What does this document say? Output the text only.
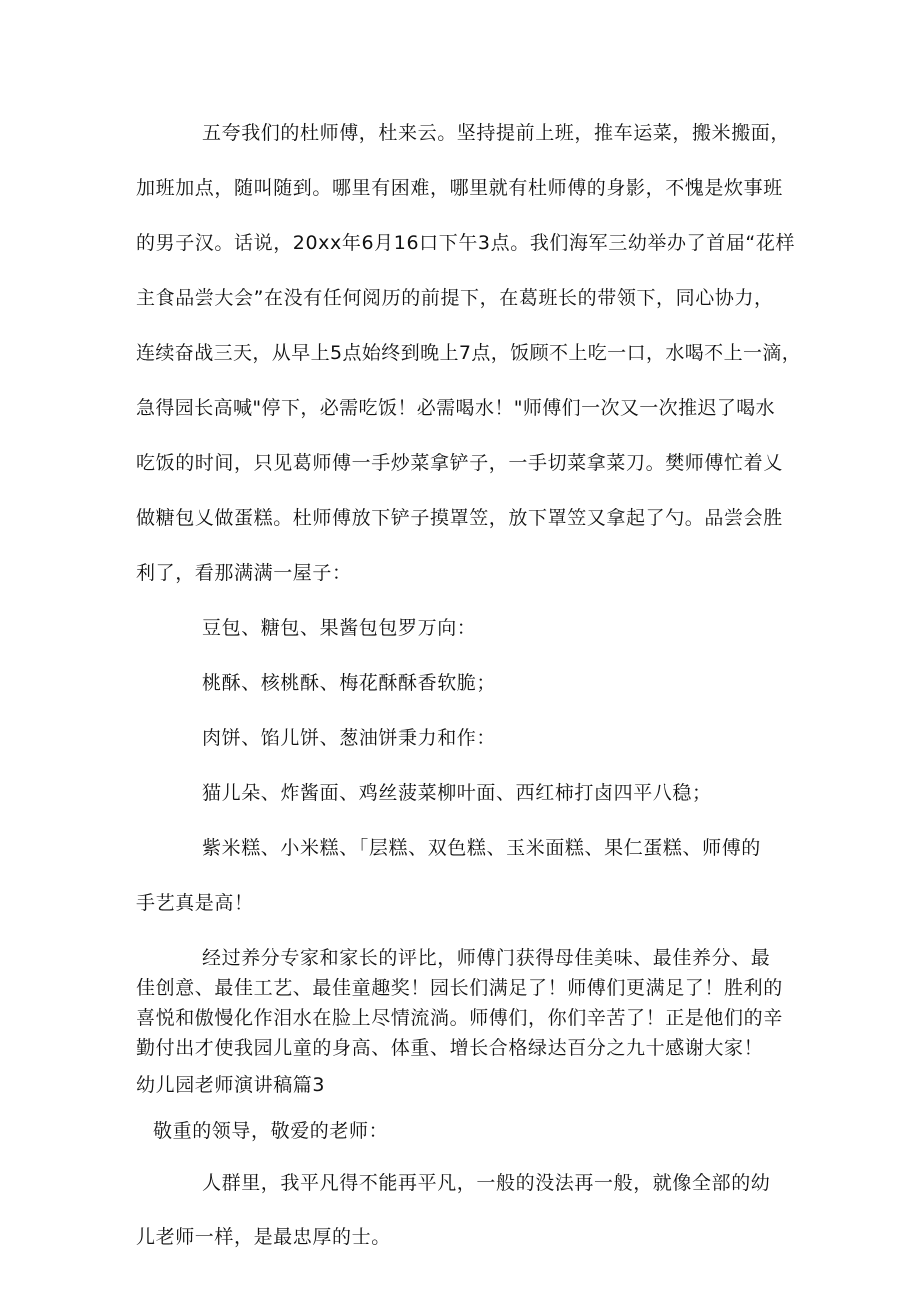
五夸我们的杜师傅，杜来云。坚持提前上班，推车运菜，搬米搬面，
加班加点，随叫随到。哪里有困难，哪里就有杜师傅的身影，不愧是炊事班
的男子汉。话说，20xx年6月16口下午3点。我们海军三幼举办了首届“花样
主食品尝大会”在没有任何阅历的前提下，在葛班长的带领下，同心协力，
连续奋战三天，从早上5点始终到晚上7点，饭顾不上吃一口，水喝不上一滴，
急得园长高喊"停下，必需吃饭！必需喝水！"师傅们一次又一次推迟了喝水
吃饭的时间，只见葛师傅一手炒菜拿铲子，一手切菜拿菜刀。樊师傅忙着乂
做糖包乂做蛋糕。杜师傅放下铲子摸罩笠，放下罩笠又拿起了勺。品尝会胜
利了，看那满满一屋子：
豆包、糖包、果酱包包罗万向：
桃酥、核桃酥、梅花酥酥香软脆；
肉饼、馅儿饼、葱油饼秉力和作：
猫儿朵、炸酱面、鸡丝菠菜柳叶面、西红柿打卤四平八稳；
紫米糕、小米糕、「层糕、双色糕、玉米面糕、果仁蛋糕、师傅的
手艺真是高！
经过养分专家和家长的评比，师傅门获得母佳美味、最佳养分、最
佳创意、最佳工艺、最佳童趣奖！园长们满足了！师傅们更满足了！胜利的
喜悦和傲慢化作泪水在脸上尽情流淌。师傅们，你们辛苦了！正是他们的辛
勤付出才使我园儿童的身高、体重、增长合格绿达百分之九十感谢大家！
幼儿园老师演讲稿篇3
敬重的领导，敬爱的老师：
人群里，我平凡得不能再平凡，一般的没法再一般，就像全部的幼
儿老师一样，是最忠厚的士。
